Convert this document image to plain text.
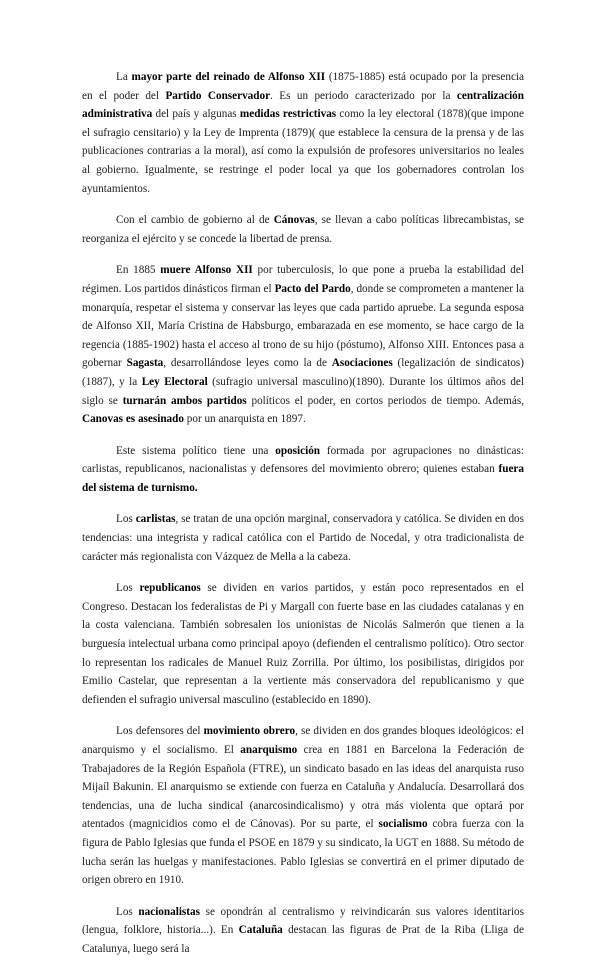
La mayor parte del reinado de Alfonso XII (1875-1885) está ocupado por la presencia en el poder del Partido Conservador. Es un periodo caracterizado por la centralización administrativa del país y algunas medidas restrictivas como la ley electoral (1878)(que impone el sufragio censitario) y la Ley de Imprenta (1879)( que establece la censura de la prensa y de las publicaciones contrarias a la moral), así como la expulsión de profesores universitarios no leales al gobierno. Igualmente, se restringe el poder local ya que los gobernadores controlan los ayuntamientos.

Con el cambio de gobierno al de Cánovas, se llevan a cabo políticas librecambistas, se reorganiza el ejército y se concede la libertad de prensa.

En 1885 muere Alfonso XII por tuberculosis, lo que pone a prueba la estabilidad del régimen. Los partidos dinásticos firman el Pacto del Pardo, donde se comprometen a mantener la monarquía, respetar el sistema y conservar las leyes que cada partido apruebe. La segunda esposa de Alfonso XII, María Cristina de Habsburgo, embarazada en ese momento, se hace cargo de la regencia (1885-1902) hasta el acceso al trono de su hijo (póstumo), Alfonso XIII. Entonces pasa a gobernar Sagasta, desarrollándose leyes como la de Asociaciones (legalización de sindicatos)(1887), y la Ley Electoral (sufragio universal masculino)(1890). Durante los últimos años del siglo se turnarán ambos partidos políticos el poder, en cortos periodos de tiempo. Además, Canovas es asesinado por un anarquista en 1897.

Este sistema político tiene una oposición formada por agrupaciones no dinásticas: carlistas, republicanos, nacionalistas y defensores del movimiento obrero; quienes estaban fuera del sistema de turnismo.

Los carlistas, se tratan de una opción marginal, conservadora y católica. Se dividen en dos tendencias: una integrista y radical católica con el Partido de Nocedal, y otra tradicionalista de carácter más regionalista con Vázquez de Mella a la cabeza.

Los republicanos se dividen en varios partidos, y están poco representados en el Congreso. Destacan los federalistas de Pi y Margall con fuerte base en las ciudades catalanas y en la costa valenciana. También sobresalen los unionistas de Nicolás Salmerón que tienen a la burguesía intelectual urbana como principal apoyo (defienden el centralismo político). Otro sector lo representan los radicales de Manuel Ruiz Zorrilla. Por último, los posibilistas, dirigidos por Emilio Castelar, que representan a la vertiente más conservadora del republicanismo y que defienden el sufragio universal masculino (establecido en 1890).

Los defensores del movimiento obrero, se dividen en dos grandes bloques ideológicos: el anarquismo y el socialismo. El anarquismo crea en 1881 en Barcelona la Federación de Trabajadores de la Región Española (FTRE), un sindicato basado en las ideas del anarquista ruso Mijaíl Bakunin. El anarquismo se extiende con fuerza en Cataluña y Andalucía. Desarrollará dos tendencias, una de lucha sindical (anarcosindicalismo) y otra más violenta que optará por atentados (magnicidios como el de Cánovas). Por su parte, el socialismo cobra fuerza con la figura de Pablo Iglesias que funda el PSOE en 1879 y su sindicato, la UGT en 1888. Su método de lucha serán las huelgas y manifestaciones. Pablo Iglesias se convertirá en el primer diputado de origen obrero en 1910.

Los nacionalistas se opondrán al centralismo y reivindicarán sus valores identitarios (lengua, folklore, historia...). En Cataluña destacan las figuras de Prat de la Riba (Lliga de Catalunya, luego será la
